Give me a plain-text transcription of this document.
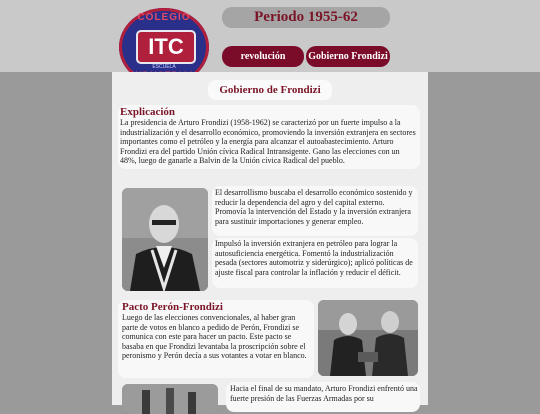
COLEGIO
ITC
ESCUELA
Periodo 1955-62
revolución	Gobierno Frondizi
Gobierno de Frondizi

Explicación

La presidencia de Arturo Frondizi (1958-1962) se caracterizó por un fuerte impulso a la industrialización y el desarrollo económico, promoviendo la inversión extranjera en sectores importantes como el petróleo y la energía para alcanzar el autoabastecimiento. Arturo Frondizi era del partido Unión cívica Radical Intransigente. Gano las elecciones con un 48%, luego de ganarle a Balvin de la Unión cívica Radical del pueblo.

El desarrollismo buscaba el desarrollo económico sostenido y reducir la dependencia del agro y del capital externo. Promovía la intervención del Estado y la inversión extranjera para sustituir importaciones y generar empleo.

Impulsó la inversión extranjera en petróleo para lograr la autosuficiencia energética. Fomentó la industrialización pesada (sectores automotriz y siderúrgico); aplicó políticas de ajuste fiscal para controlar la inflación y reducir el déficit.

Pacto Perón-Frondizi

Luego de las elecciones convencionales, al haber gran parte de votos en blanco a pedido de Perón, Frondizi se comunica con este para hacer un pacto. Este pacto se basaba en que Frondizi levantaba la proscripción sobre el peronismo y Perón decía a sus votantes a votar en blanco.

Hacia el final de su mandato, Arturo Frondizi enfrentó una fuerte presión de las Fuerzas Armadas por su
